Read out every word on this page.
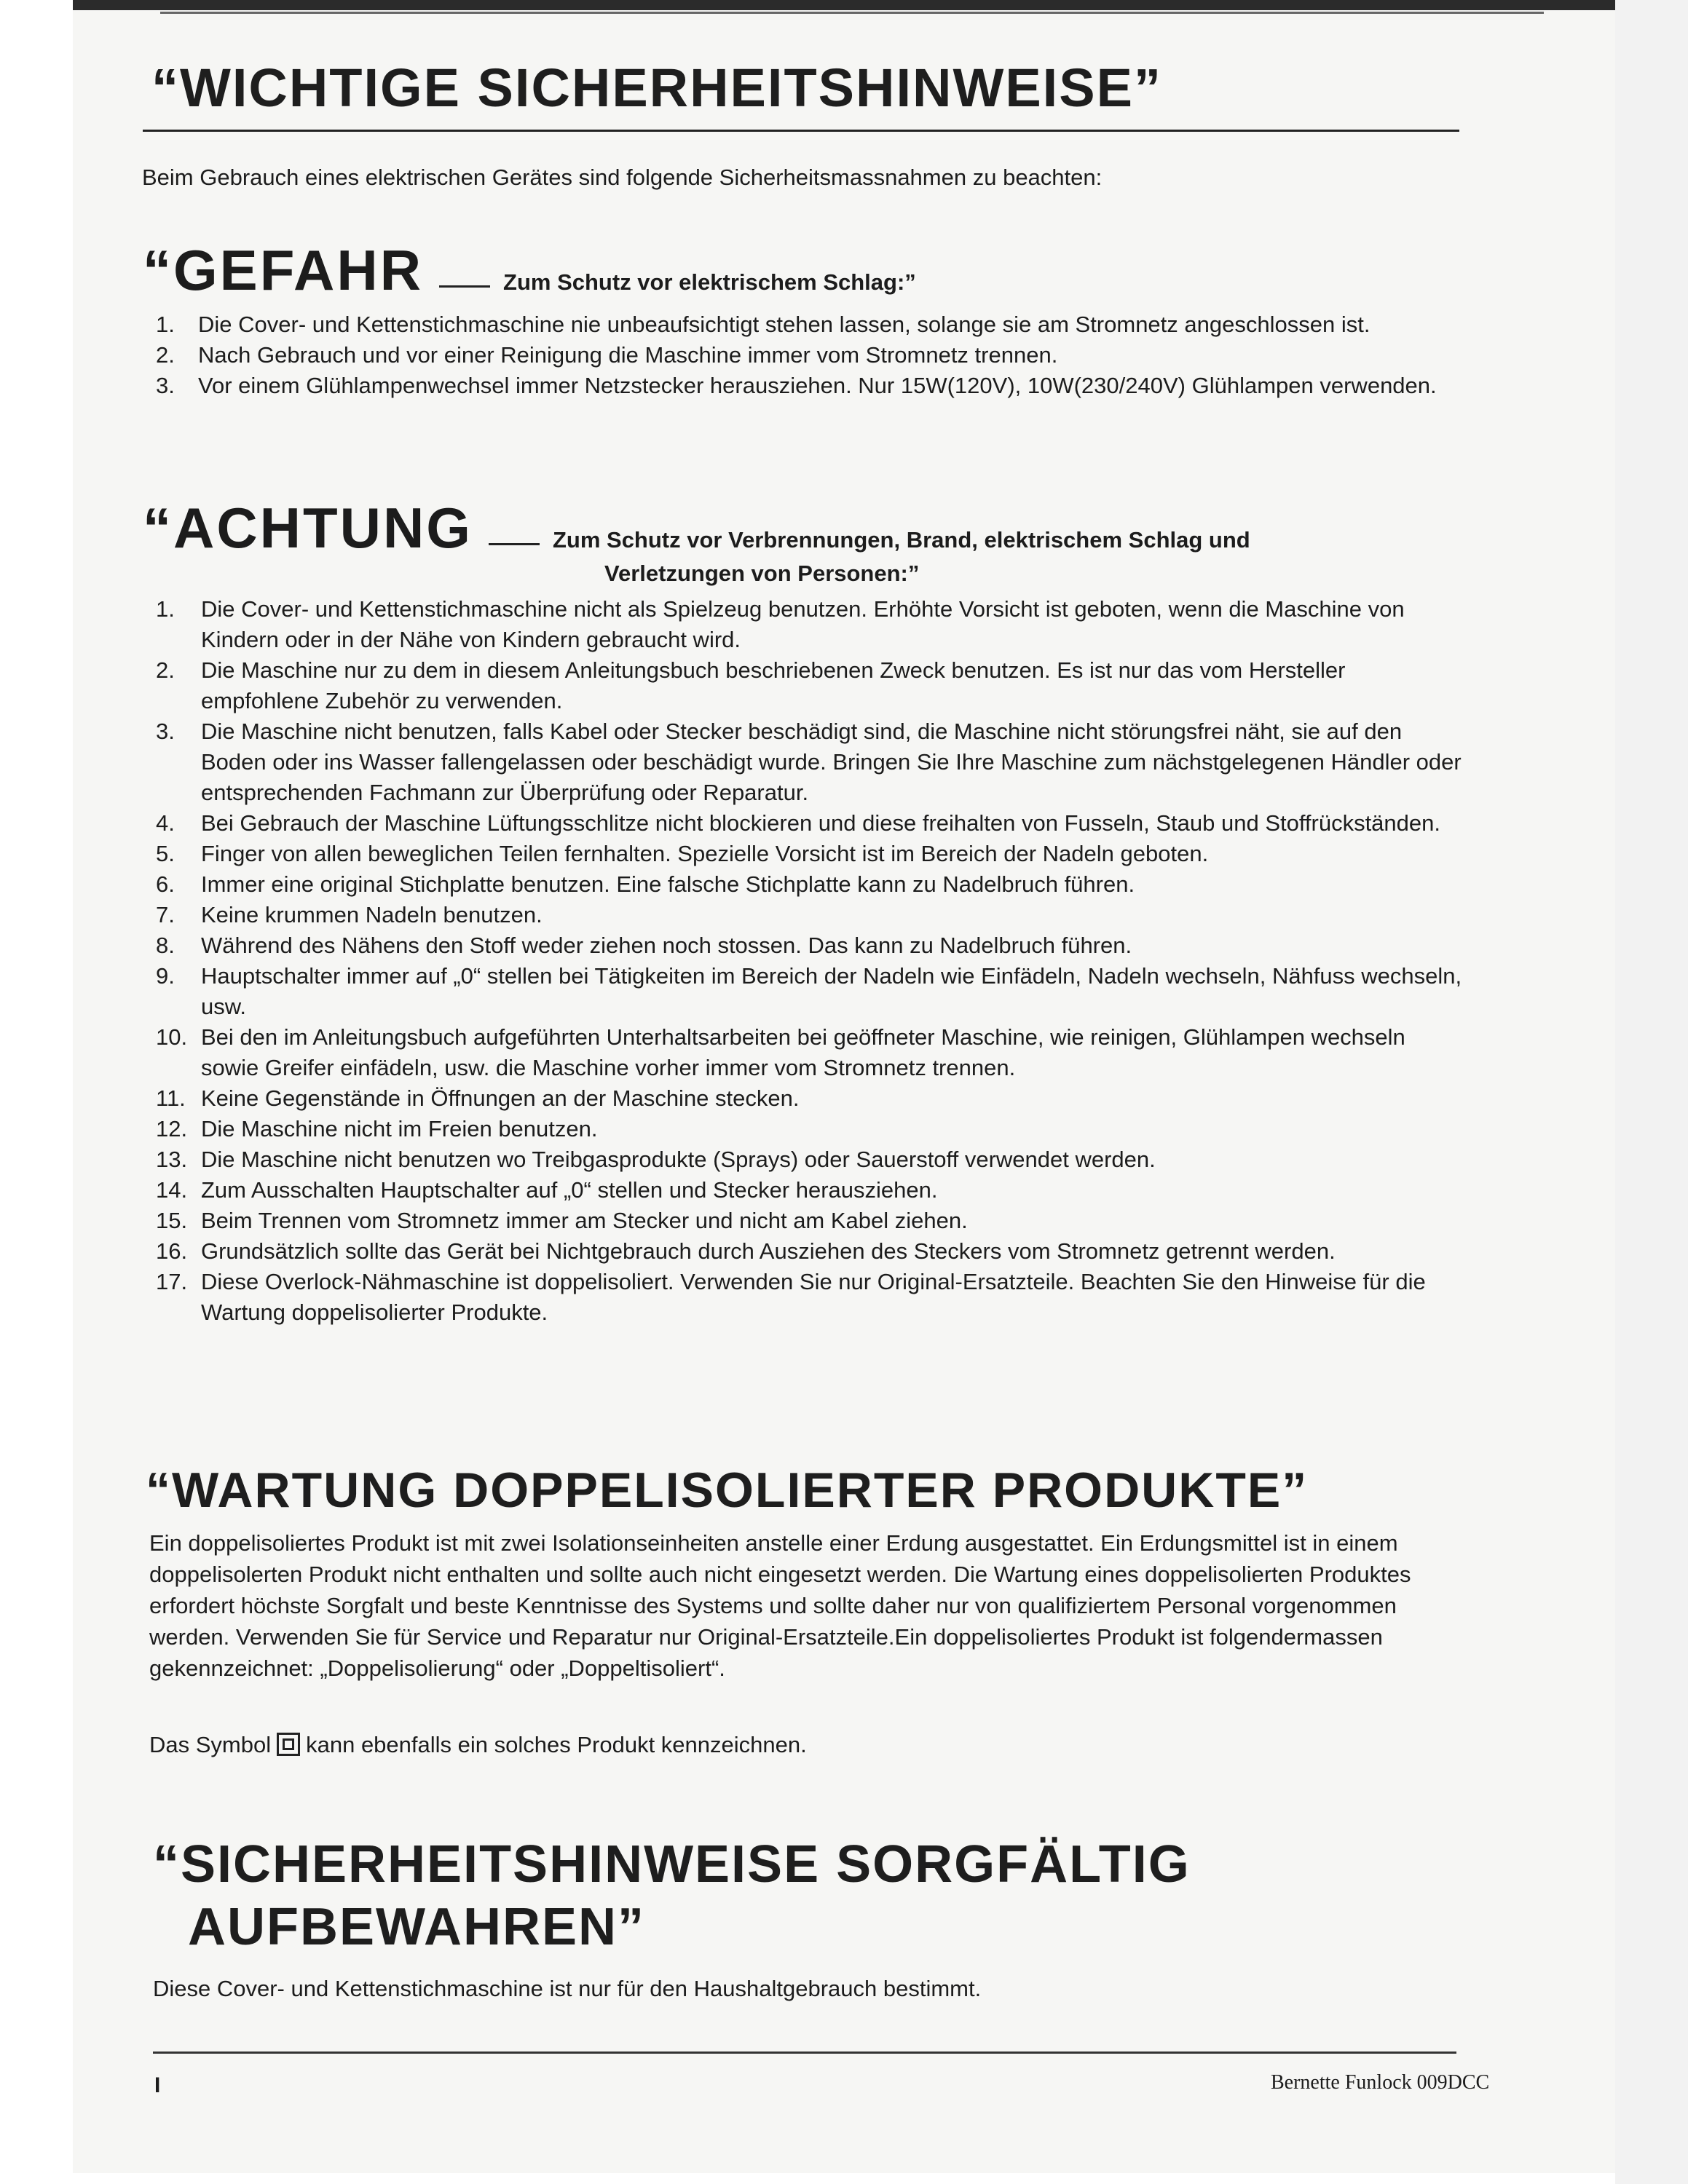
“WICHTIGE SICHERHEITSHINWEISE”
Beim Gebrauch eines elektrischen Gerätes sind folgende Sicherheitsmassnahmen zu beachten:
“GEFAHR	Zum Schutz vor elektrischem Schlag:”
1.	Die Cover- und Kettenstichmaschine nie unbeaufsichtigt stehen lassen, solange sie am Stromnetz angeschlossen ist.
2.	Nach Gebrauch und vor einer Reinigung die Maschine immer vom Stromnetz trennen.
3.	Vor einem Glühlampenwechsel immer Netzstecker herausziehen. Nur 15W(120V), 10W(230/240V) Glühlampen verwenden.
“ACHTUNG	Zum Schutz vor Verbrennungen, Brand, elektrischem Schlag und
Verletzungen von Personen:”
1.	Die Cover- und Kettenstichmaschine nicht als Spielzeug benutzen. Erhöhte Vorsicht ist geboten, wenn die Maschine von Kindern oder in der Nähe von Kindern gebraucht wird.
2.	Die Maschine nur zu dem in diesem Anleitungsbuch beschriebenen Zweck benutzen. Es ist nur das vom Hersteller empfohlene Zubehör zu verwenden.
3.	Die Maschine nicht benutzen, falls Kabel oder Stecker beschädigt sind, die Maschine nicht störungsfrei näht, sie auf den Boden oder ins Wasser fallengelassen oder beschädigt wurde. Bringen Sie Ihre Maschine zum nächstgelegenen Händler oder entsprechenden Fachmann zur Überprüfung oder Reparatur.
4.	Bei Gebrauch der Maschine Lüftungsschlitze nicht blockieren und diese freihalten von Fusseln, Staub und Stoffrückständen.
5.	Finger von allen beweglichen Teilen fernhalten. Spezielle Vorsicht ist im Bereich der Nadeln geboten.
6.	Immer eine original Stichplatte benutzen. Eine falsche Stichplatte kann zu Nadelbruch führen.
7.	Keine krummen Nadeln benutzen.
8.	Während des Nähens den Stoff weder ziehen noch stossen. Das kann zu Nadelbruch führen.
9.	Hauptschalter immer auf „0“ stellen bei Tätigkeiten im Bereich der Nadeln wie Einfädeln, Nadeln wechseln, Nähfuss wechseln, usw.
10. Bei den im Anleitungsbuch aufgeführten Unterhaltsarbeiten bei geöffneter Maschine, wie reinigen, Glühlampen wechseln sowie Greifer einfädeln, usw. die Maschine vorher immer vom Stromnetz trennen.
11. Keine Gegenstände in Öffnungen an der Maschine stecken.
12. Die Maschine nicht im Freien benutzen.
13. Die Maschine nicht benutzen wo Treibgasprodukte (Sprays) oder Sauerstoff verwendet werden.
14. Zum Ausschalten Hauptschalter auf „0“ stellen und Stecker herausziehen.
15. Beim Trennen vom Stromnetz immer am Stecker und nicht am Kabel ziehen.
16. Grundsätzlich sollte das Gerät bei Nichtgebrauch durch Ausziehen des Steckers vom Stromnetz getrennt werden.
17. Diese Overlock-Nähmaschine ist doppelisoliert. Verwenden Sie nur Original-Ersatzteile. Beachten Sie den Hinweise für die Wartung doppelisolierter Produkte.
“WARTUNG DOPPELISOLIERTER PRODUKTE”

Ein doppelisoliertes Produkt ist mit zwei Isolationseinheiten anstelle einer Erdung ausgestattet. Ein Erdungsmittel ist in einem doppelisolerten Produkt nicht enthalten und sollte auch nicht eingesetzt werden. Die Wartung eines doppelisolierten Produktes erfordert höchste Sorgfalt und beste Kenntnisse des Systems und sollte daher nur von qualifiziertem Personal vorgenommen werden. Verwenden Sie für Service und Reparatur nur Original-Ersatzteile.Ein doppelisoliertes Produkt ist folgendermassen gekennzeichnet: „Doppelisolierung“ oder „Doppeltisoliert“.

Das Symbol kann ebenfalls ein solches Produkt kennzeichnen.

“SICHERHEITSHINWEISE SORGFÄLTIG
AUFBEWAHREN”

Diese Cover- und Kettenstichmaschine ist nur für den Haushaltgebrauch bestimmt.

I	Bernette Funlock 009DCC
